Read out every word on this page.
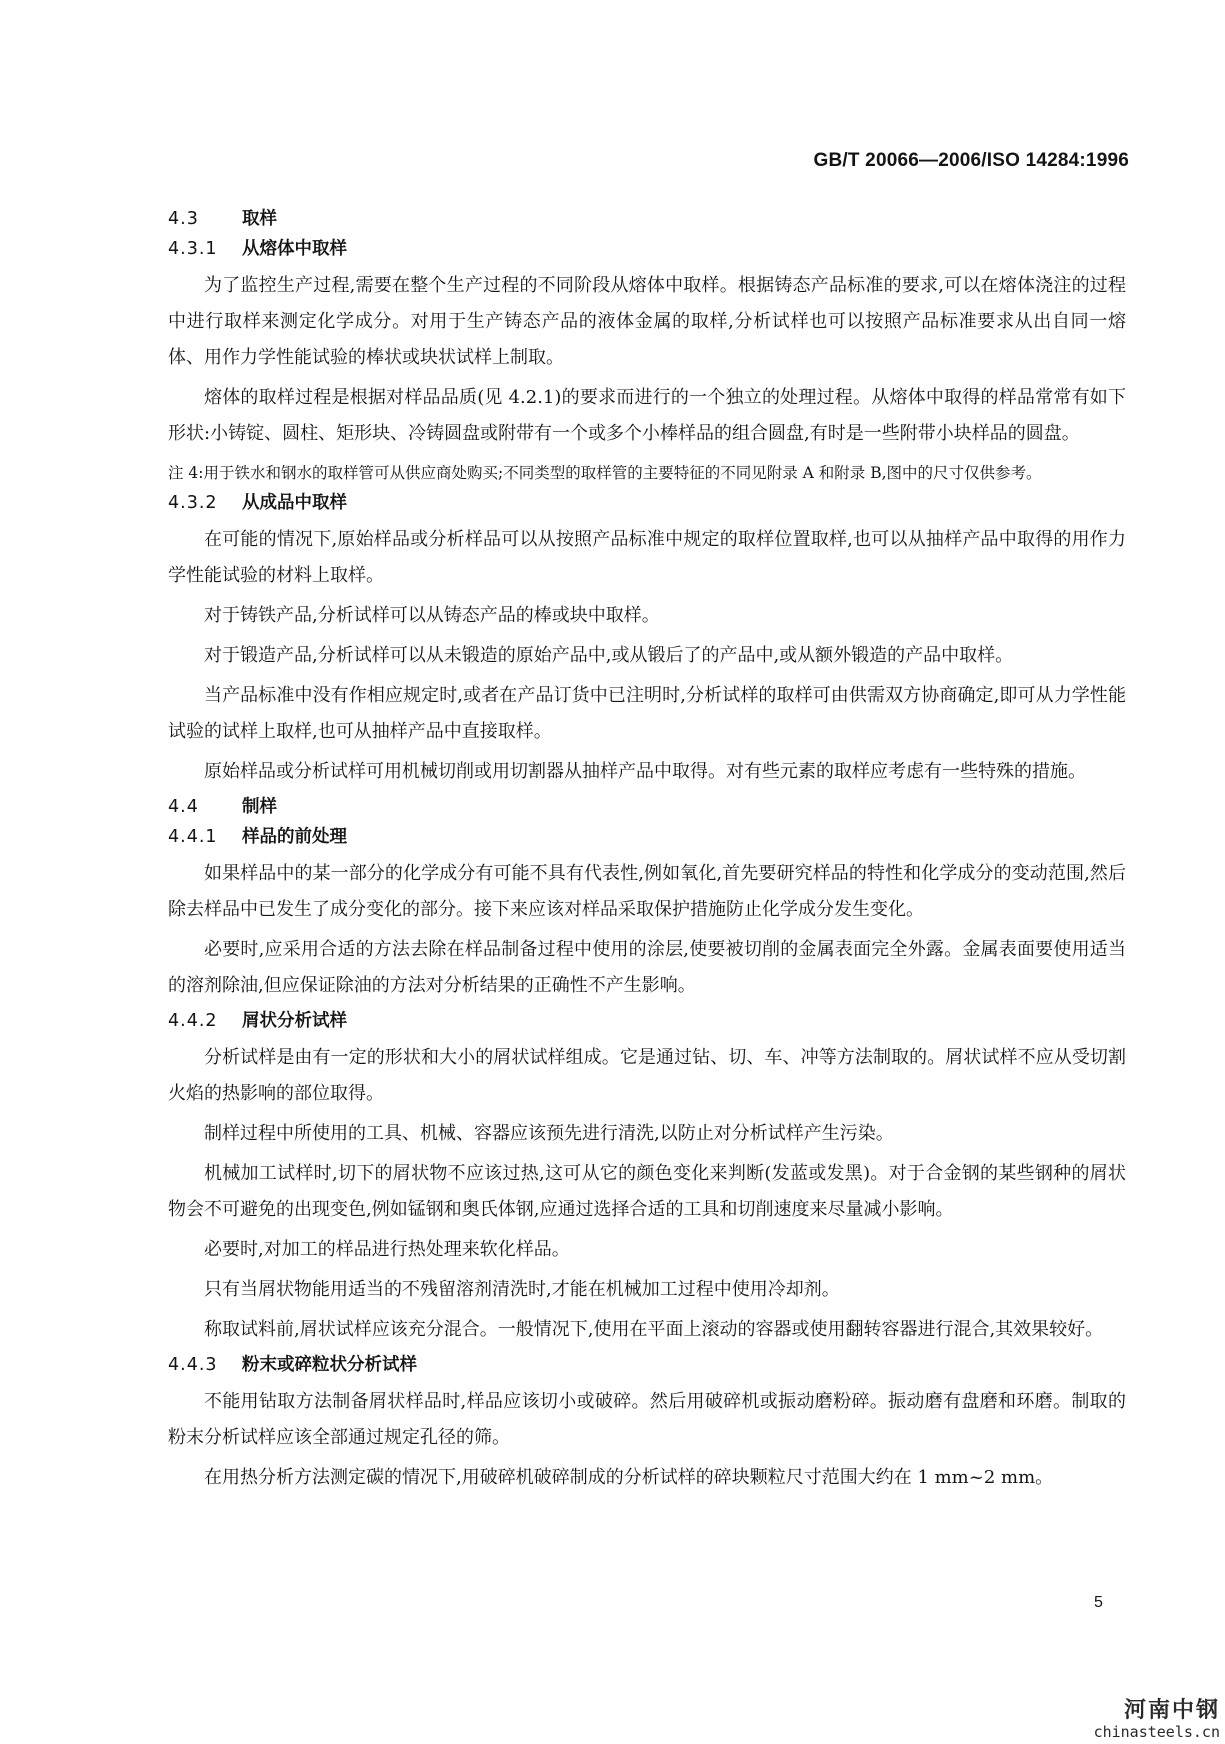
GB/T 20066—2006/ISO 14284:1996
4.3 取样
4.3.1 从熔体中取样

为了监控生产过程,需要在整个生产过程的不同阶段从熔体中取样。根据铸态产品标准的要求,可以在熔体浇注的过程中进行取样来测定化学成分。对用于生产铸态产品的液体金属的取样,分析试样也可以按照产品标准要求从出自同一熔体、用作力学性能试验的棒状或块状试样上制取。

熔体的取样过程是根据对样品品质(见 4.2.1)的要求而进行的一个独立的处理过程。从熔体中取得的样品常常有如下形状:小铸锭、圆柱、矩形块、冷铸圆盘或附带有一个或多个小棒样品的组合圆盘,有时是一些附带小块样品的圆盘。

注 4:用于铁水和钢水的取样管可从供应商处购买;不同类型的取样管的主要特征的不同见附录 A 和附录 B,图中的尺寸仅供参考。
4.3.2 从成品中取样

在可能的情况下,原始样品或分析样品可以从按照产品标准中规定的取样位置取样,也可以从抽样产品中取得的用作力学性能试验的材料上取样。

对于铸铁产品,分析试样可以从铸态产品的棒或块中取样。

对于锻造产品,分析试样可以从未锻造的原始产品中,或从锻后了的产品中,或从额外锻造的产品中取样。

当产品标准中没有作相应规定时,或者在产品订货中已注明时,分析试样的取样可由供需双方协商确定,即可从力学性能试验的试样上取样,也可从抽样产品中直接取样。

原始样品或分析试样可用机械切削或用切割器从抽样产品中取得。对有些元素的取样应考虑有一些特殊的措施。

4.4 制样
4.4.1 样品的前处理

如果样品中的某一部分的化学成分有可能不具有代表性,例如氧化,首先要研究样品的特性和化学成分的变动范围,然后除去样品中已发生了成分变化的部分。接下来应该对样品采取保护措施防止化学成分发生变化。

必要时,应采用合适的方法去除在样品制备过程中使用的涂层,使要被切削的金属表面完全外露。金属表面要使用适当的溶剂除油,但应保证除油的方法对分析结果的正确性不产生影响。

4.4.2 屑状分析试样

分析试样是由有一定的形状和大小的屑状试样组成。它是通过钻、切、车、冲等方法制取的。屑状试样不应从受切割火焰的热影响的部位取得。

制样过程中所使用的工具、机械、容器应该预先进行清洗,以防止对分析试样产生污染。

机械加工试样时,切下的屑状物不应该过热,这可从它的颜色变化来判断(发蓝或发黑)。对于合金钢的某些钢种的屑状物会不可避免的出现变色,例如锰钢和奥氏体钢,应通过选择合适的工具和切削速度来尽量减小影响。

必要时,对加工的样品进行热处理来软化样品。

只有当屑状物能用适当的不残留溶剂清洗时,才能在机械加工过程中使用冷却剂。

称取试料前,屑状试样应该充分混合。一般情况下,使用在平面上滚动的容器或使用翻转容器进行混合,其效果较好。

4.4.3 粉末或碎粒状分析试样

不能用钻取方法制备屑状样品时,样品应该切小或破碎。然后用破碎机或振动磨粉碎。振动磨有盘磨和环磨。制取的粉末分析试样应该全部通过规定孔径的筛。

在用热分析方法测定碳的情况下,用破碎机破碎制成的分析试样的碎块颗粒尺寸范围大约在 1 mm~2 mm。

5
河南中钢
chinasteels.cn
